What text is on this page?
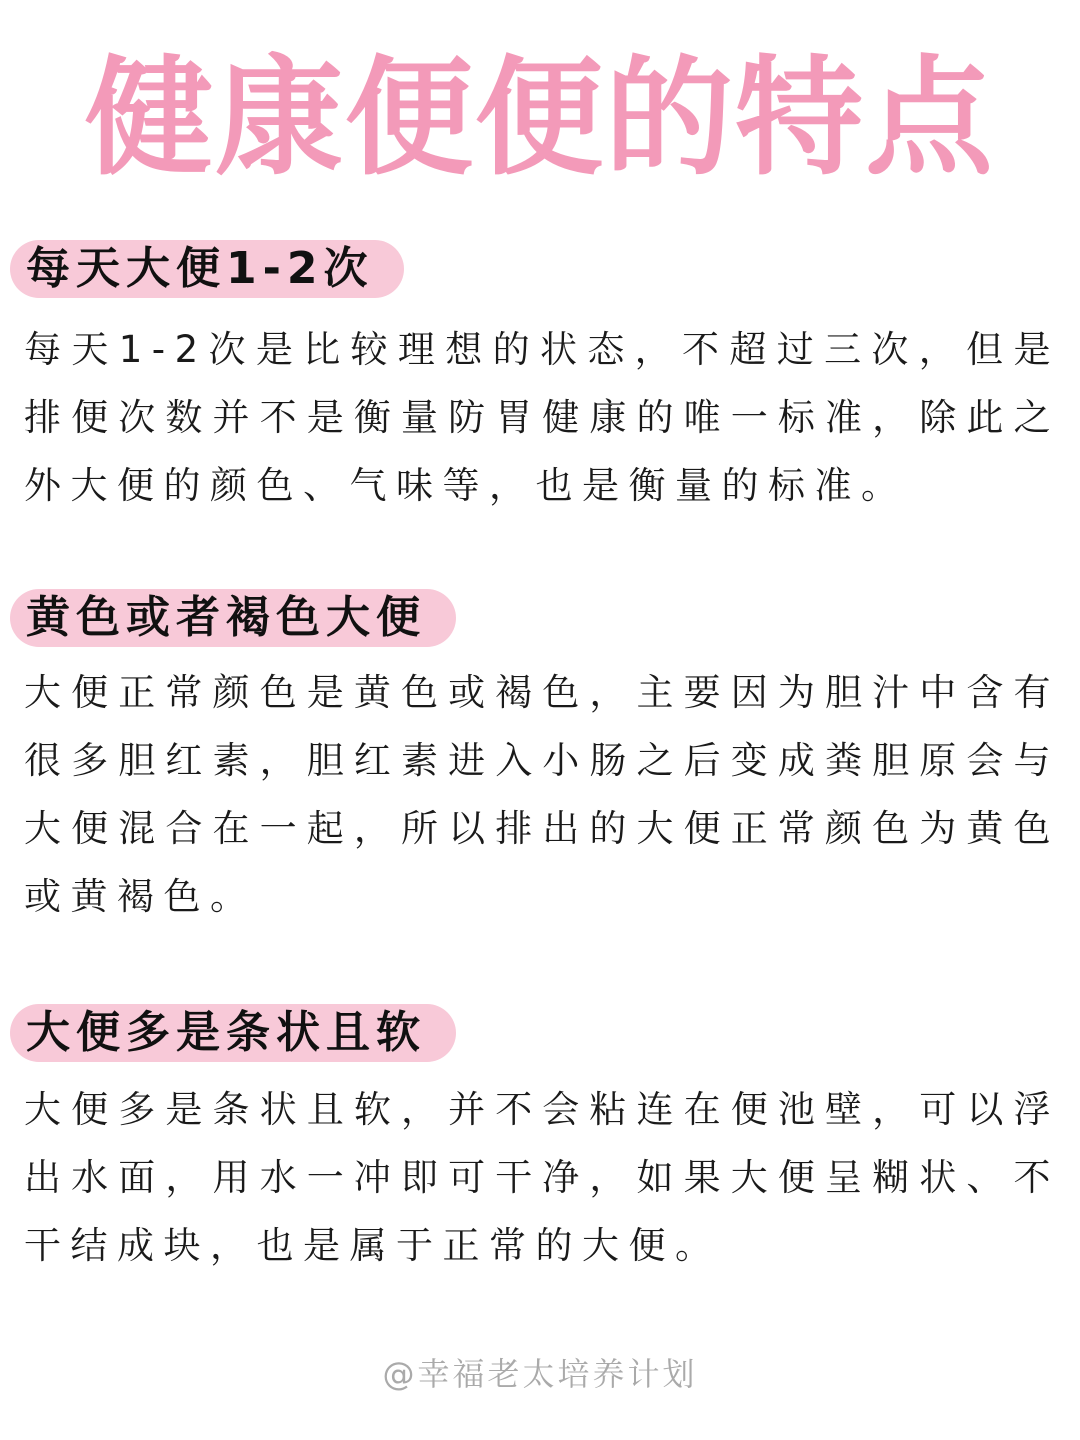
健康便便的特点
每天大便1-2次

每天1-2次是比较理想的状态，不超过三次，但是排便次数并不是衡量防胃健康的唯一标准，除此之外大便的颜色、气味等，也是衡量的标准。

黄色或者褐色大便

大便正常颜色是黄色或褐色，主要因为胆汁中含有很多胆红素，胆红素进入小肠之后变成粪胆原会与大便混合在一起，所以排出的大便正常颜色为黄色或黄褐色。

大便多是条状且软

大便多是条状且软，并不会粘连在便池壁，可以浮出水面，用水一冲即可干净，如果大便呈糊状、不干结成块，也是属于正常的大便。

@幸福老太培养计划
